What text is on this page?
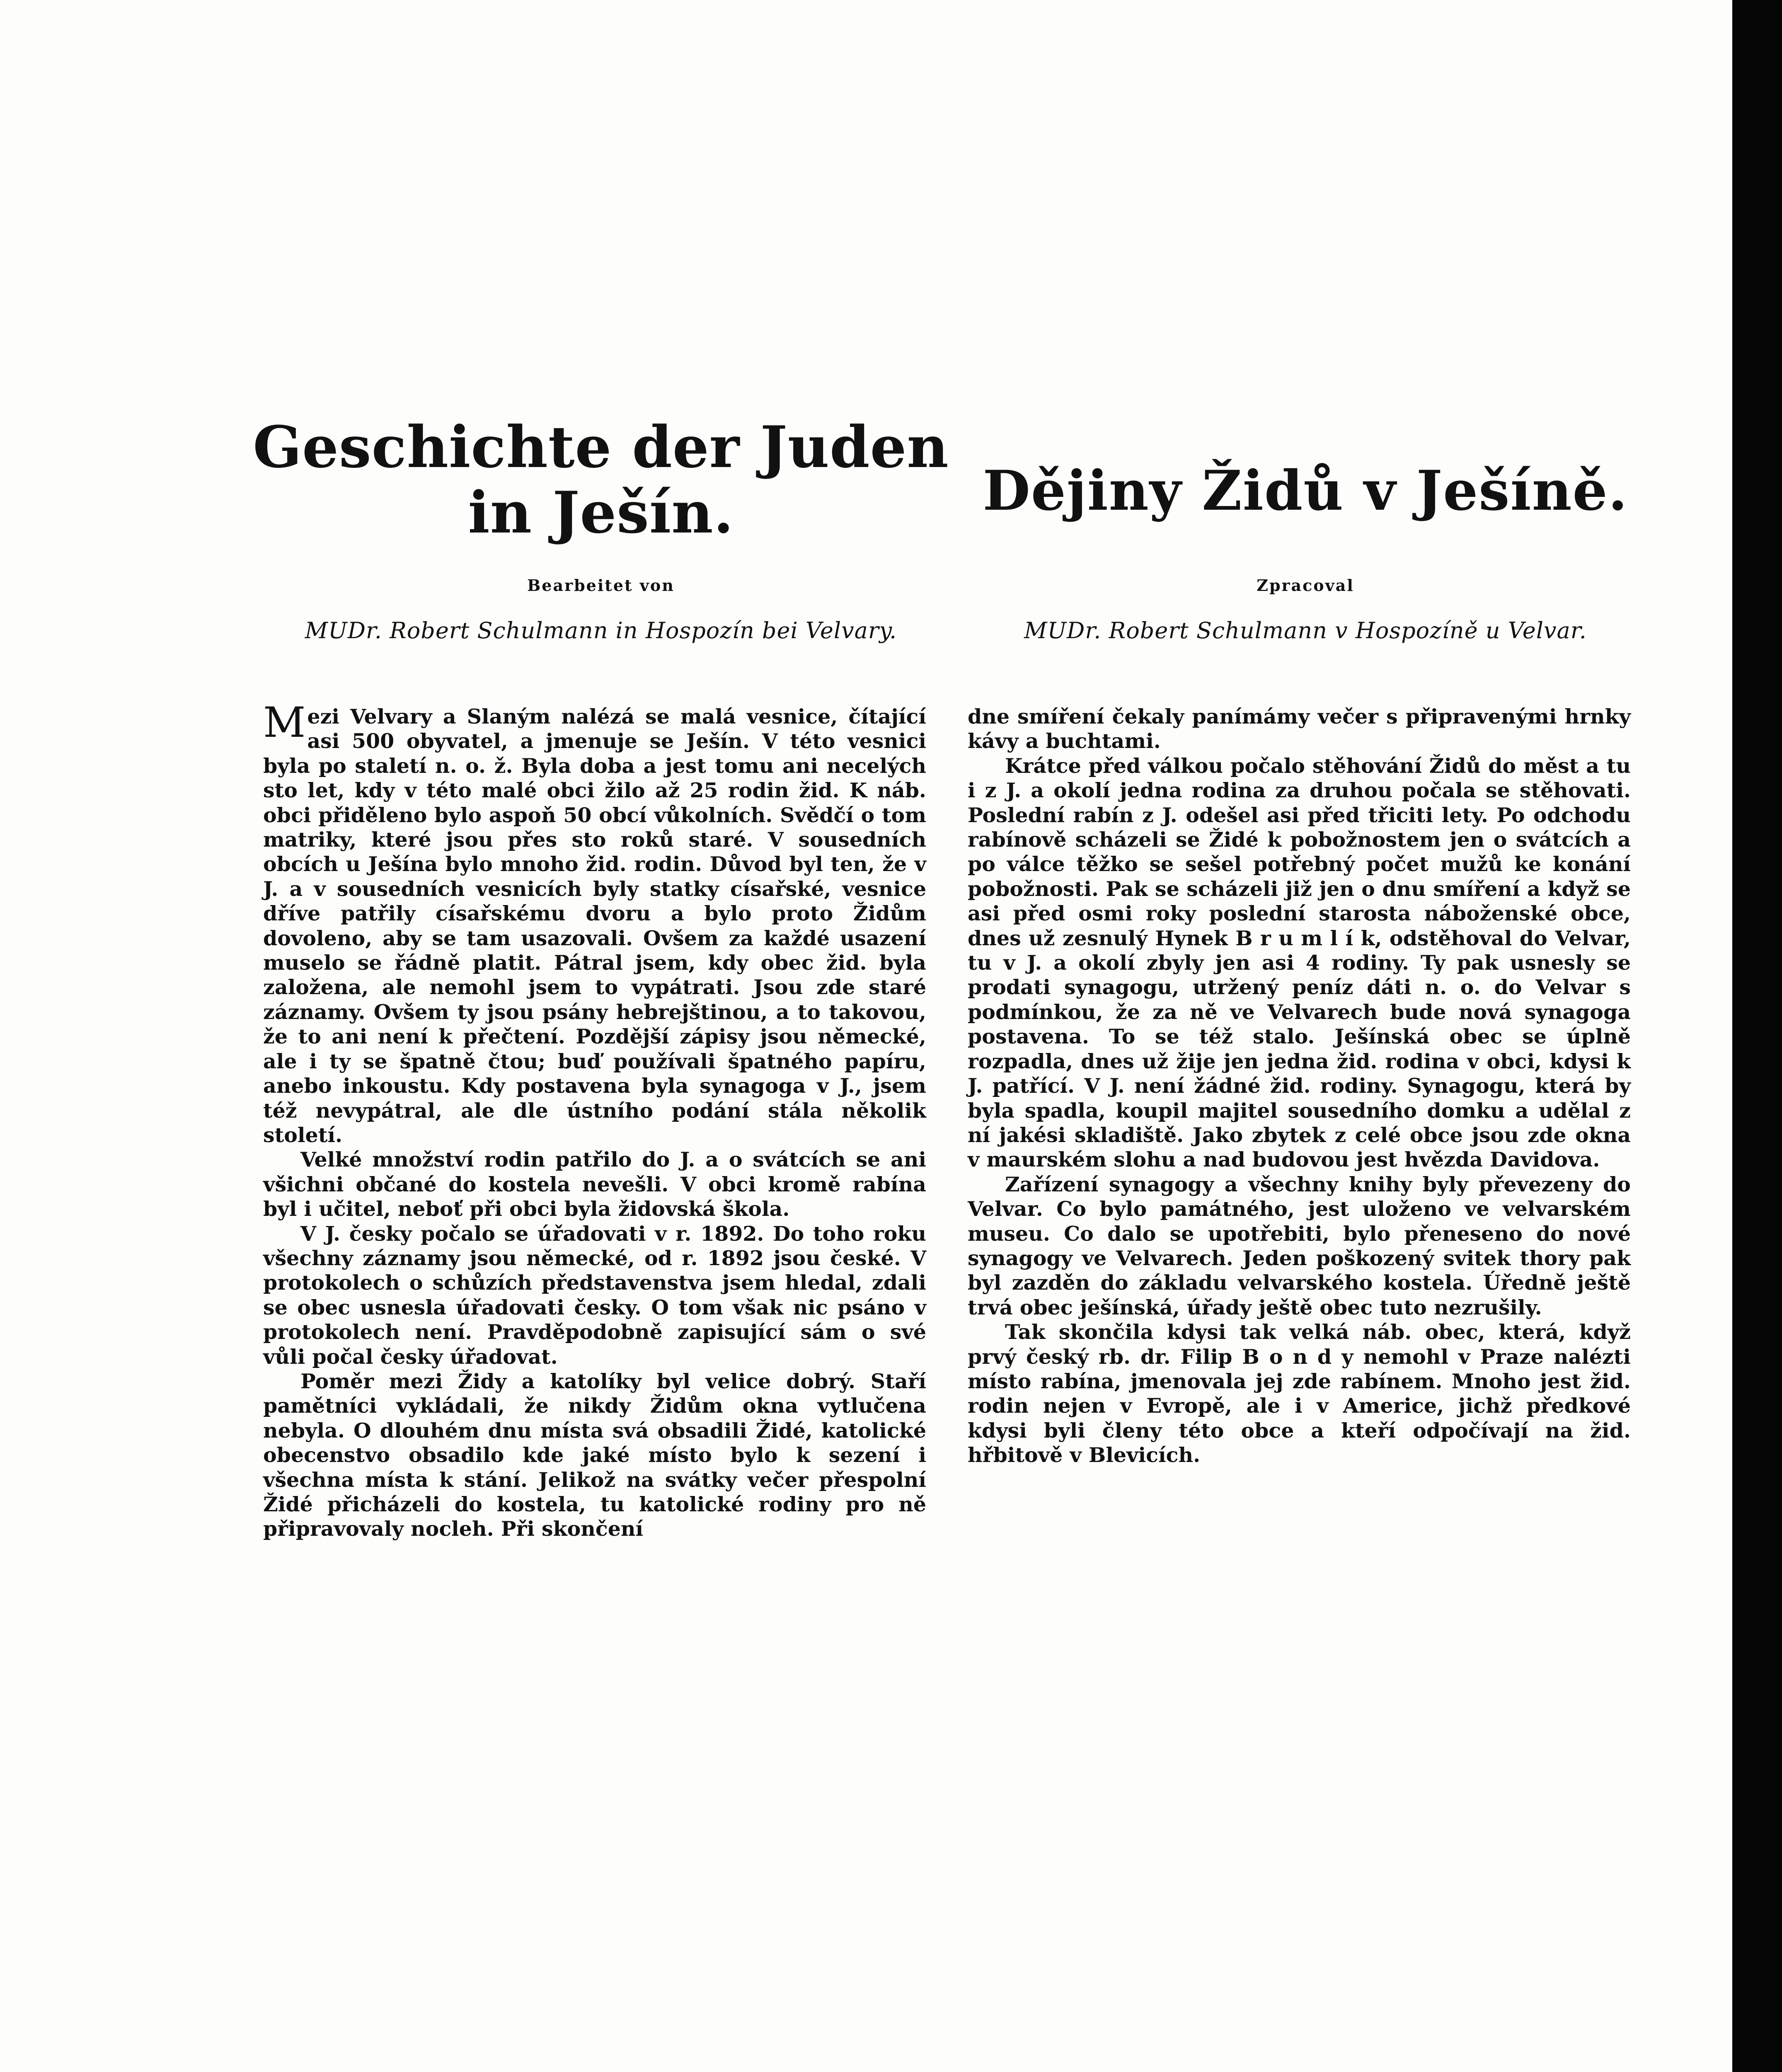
Geschichte der Juden
in Ješín.
Bearbeitet von
MUDr. Robert Schulmann in Hospozín bei Velvary.
Dějiny Židů v Ješíně.
Zpracoval
MUDr. Robert Schulmann v Hospozíně u Velvar.

Mezi Velvary a Slaným nalézá se malá vesnice, čítající asi 500 obyvatel, a jmenuje se Ješín. V této vesnici byla po staletí n. o. ž. Byla doba a jest tomu ani necelých sto let, kdy v této malé obci žilo až 25 rodin žid. K náb. obci přiděleno bylo aspoň 50 obcí vůkolních. Svědčí o tom matriky, které jsou přes sto roků staré. V sousedních obcích u Ješína bylo mnoho žid. rodin. Důvod byl ten, že v J. a v sousedních vesnicích byly statky císařské, vesnice dříve patřily císařskému dvoru a bylo proto Židům dovoleno, aby se tam usazovali. Ovšem za každé usazení muselo se řádně platit. Pátral jsem, kdy obec žid. byla založena, ale nemohl jsem to vypátrati. Jsou zde staré záznamy. Ovšem ty jsou psány hebrejštinou, a to takovou, že to ani není k přečtení. Pozdější zápisy jsou německé, ale i ty se špatně čtou; buď používali špatného papíru, anebo inkoustu. Kdy postavena byla synagoga v J., jsem též nevypátral, ale dle ústního podání stála několik století.

Velké množství rodin patřilo do J. a o svátcích se ani všichni občané do kostela nevešli. V obci kromě rabína byl i učitel, neboť při obci byla židovská škola.

V J. česky počalo se úřadovati v r. 1892. Do toho roku všechny záznamy jsou německé, od r. 1892 jsou české. V protokolech o schůzích představenstva jsem hledal, zdali se obec usnesla úřadovati česky. O tom však nic psáno v protokolech není. Pravděpodobně zapisující sám o své vůli počal česky úřadovat.

Poměr mezi Židy a katolíky byl velice dobrý. Staří pamětníci vykládali, že nikdy Židům okna vytlučena nebyla. O dlouhém dnu místa svá obsadili Židé, katolické obecenstvo obsadilo kde jaké místo bylo k sezení i všechna místa k stání. Jelikož na svátky večer přespolní Židé přicházeli do kostela, tu katolické rodiny pro ně připravovaly nocleh. Při skončení

dne smíření čekaly panímámy večer s připravenými hrnky kávy a buchtami.

Krátce před válkou počalo stěhování Židů do měst a tu i z J. a okolí jedna rodina za druhou počala se stěhovati. Poslední rabín z J. odešel asi před třiciti lety. Po odchodu rabínově scházeli se Židé k pobožnostem jen o svátcích a po válce těžko se sešel potřebný počet mužů ke konání pobožnosti. Pak se scházeli již jen o dnu smíření a když se asi před osmi roky poslední starosta náboženské obce, dnes už zesnulý Hynek B r u m l í k, odstěhoval do Velvar, tu v J. a okolí zbyly jen asi 4 rodiny. Ty pak usnesly se prodati synagogu, utržený peníz dáti n. o. do Velvar s podmínkou, že za ně ve Velvarech bude nová synagoga postavena. To se též stalo. Ješínská obec se úplně rozpadla, dnes už žije jen jedna žid. rodina v obci, kdysi k J. patřící. V J. není žádné žid. rodiny. Synagogu, která by byla spadla, koupil majitel sousedního domku a udělal z ní jakési skladiště. Jako zbytek z celé obce jsou zde okna v maurském slohu a nad budovou jest hvězda Davidova.

Zařízení synagogy a všechny knihy byly převezeny do Velvar. Co bylo památného, jest uloženo ve velvarském museu. Co dalo se upotřebiti, bylo přeneseno do nové synagogy ve Velvarech. Jeden poškozený svitek thory pak byl zazděn do základu velvarského kostela. Úředně ještě trvá obec ješínská, úřady ještě obec tuto nezrušily.

Tak skončila kdysi tak velká náb. obec, která, když prvý český rb. dr. Filip B o n d y nemohl v Praze nalézti místo rabína, jmenovala jej zde rabínem. Mnoho jest žid. rodin nejen v Evropě, ale i v Americe, jichž předkové kdysi byli členy této obce a kteří odpočívají na žid. hřbitově v Blevicích.
